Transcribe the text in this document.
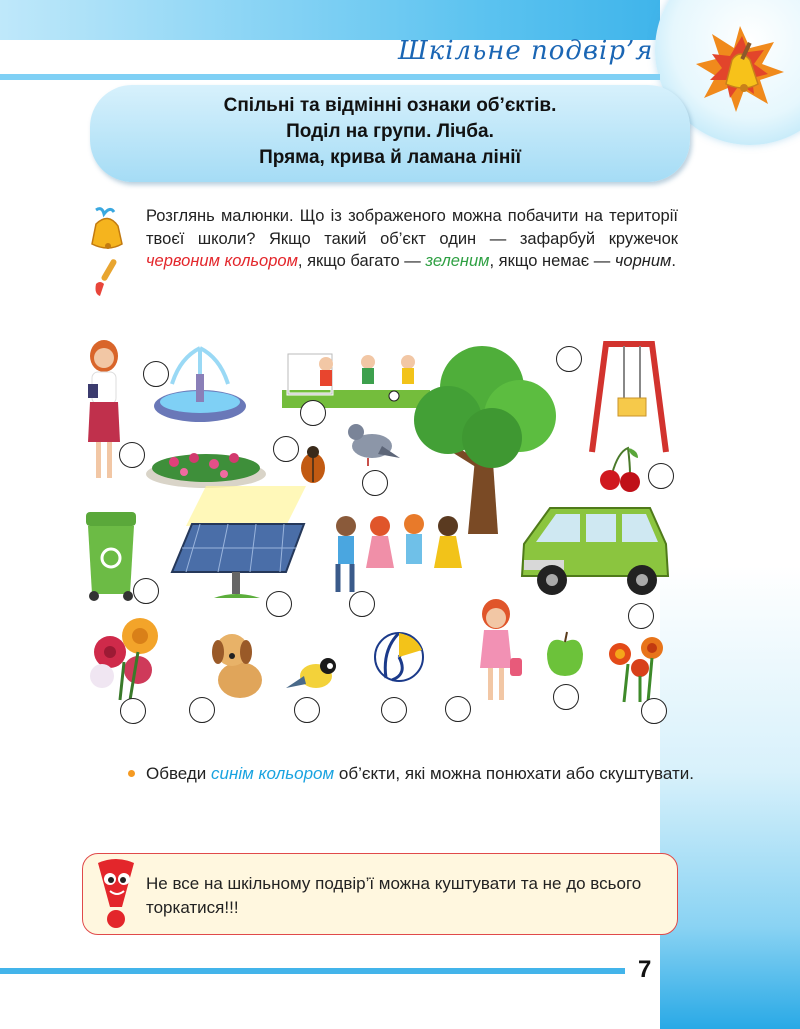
Шкільне подвір’я
Спільні та відмінні ознаки об’єктів.
Поділ на групи. Лічба.
Пряма, крива й ламана лінії
Розглянь малюнки. Що із зображеного можна побачити на території твоєї школи? Якщо такий об’єкт один — зафарбуй кружечок червоним кольором, якщо багато — зеленим, якщо немає — чорним.
Обведи синім кольором об’єкти, які можна понюхати або скуштувати.
Не все на шкільному подвір’ї можна куштувати та не до всього торкатися!!!
7
